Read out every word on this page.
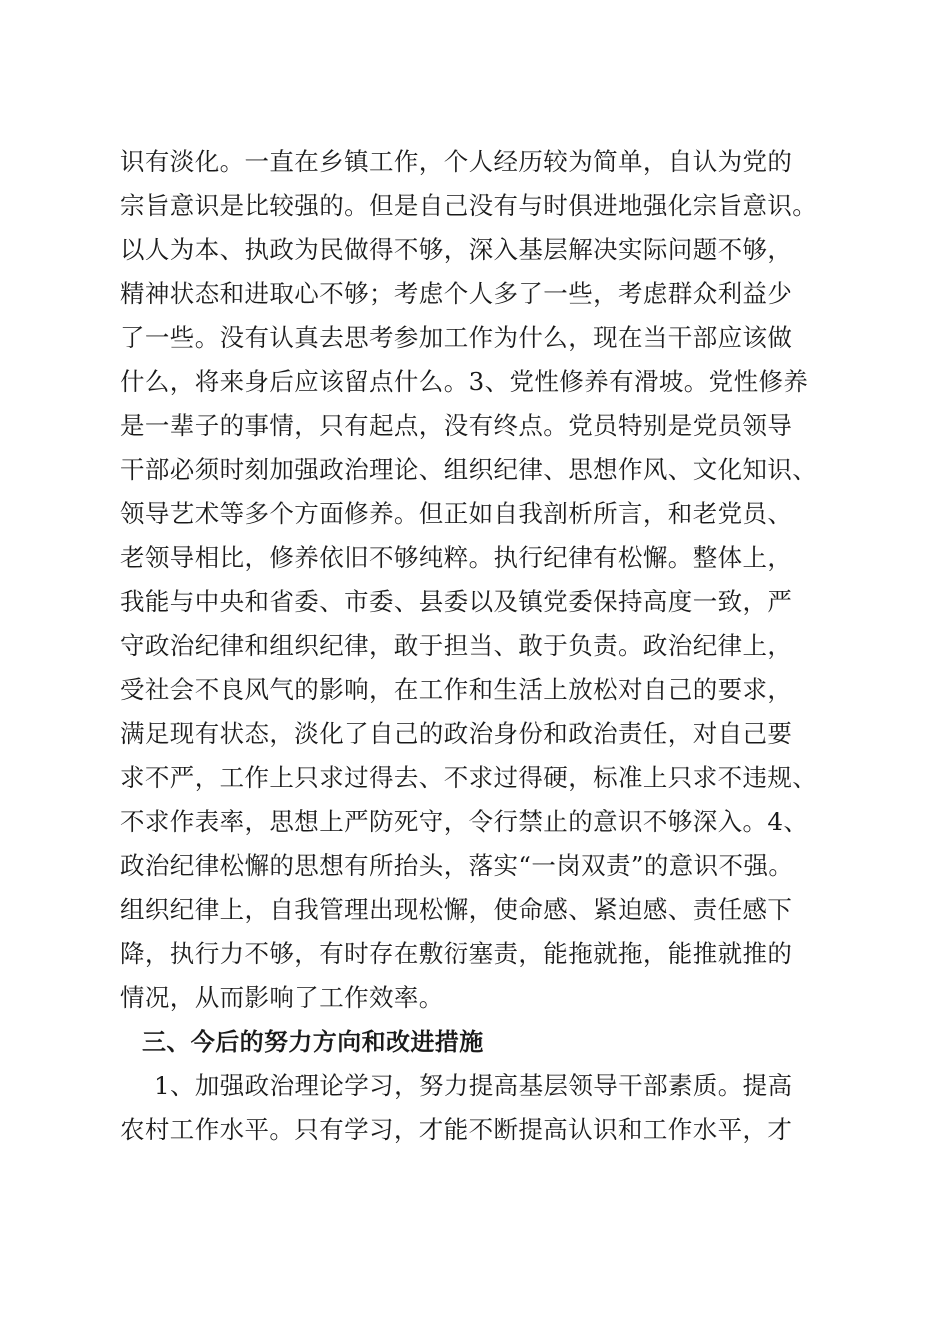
识有淡化。一直在乡镇工作，个人经历较为简单，自认为党的
宗旨意识是比较强的。但是自己没有与时俱进地强化宗旨意识。
以人为本、执政为民做得不够，深入基层解决实际问题不够，
精神状态和进取心不够；考虑个人多了一些，考虑群众利益少
了一些。没有认真去思考参加工作为什么，现在当干部应该做
什么，将来身后应该留点什么。3、党性修养有滑坡。党性修养
是一辈子的事情，只有起点，没有终点。党员特别是党员领导
干部必须时刻加强政治理论、组织纪律、思想作风、文化知识、
领导艺术等多个方面修养。但正如自我剖析所言，和老党员、
老领导相比，修养依旧不够纯粹。执行纪律有松懈。整体上，
我能与中央和省委、市委、县委以及镇党委保持高度一致，严
守政治纪律和组织纪律，敢于担当、敢于负责。政治纪律上，
受社会不良风气的影响，在工作和生活上放松对自己的要求，
满足现有状态，淡化了自己的政治身份和政治责任，对自己要
求不严，工作上只求过得去、不求过得硬，标准上只求不违规、
不求作表率，思想上严防死守，令行禁止的意识不够深入。4、
政治纪律松懈的思想有所抬头，落实“一岗双责”的意识不强。
组织纪律上，自我管理出现松懈，使命感、紧迫感、责任感下
降，执行力不够，有时存在敷衍塞责，能拖就拖，能推就推的
情况，从而影响了工作效率。
三、今后的努力方向和改进措施
1、加强政治理论学习，努力提高基层领导干部素质。提高
农村工作水平。只有学习，才能不断提高认识和工作水平，才
